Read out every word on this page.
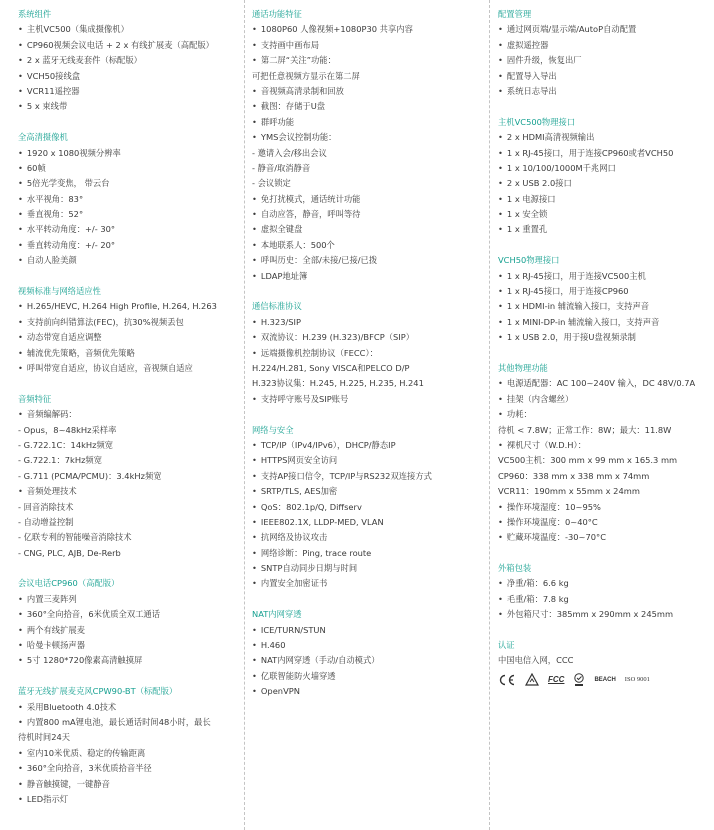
系统组件
• 主机VC500（集成摄像机）
• CP960视频会议电话 + 2 x 有线扩展麦（高配版）
• 2 x 蓝牙无线麦套件（标配版）
• VCH50接线盒
• VCR11遥控器
• 5 x 束线带
全高清摄像机
• 1920 x 1080视频分辨率
• 60帧
• 5倍光学变焦， 带云台
• 水平视角：83°
• 垂直视角：52°
• 水平转动角度：+/- 30°
• 垂直转动角度：+/- 20°
• 自动人脸美颜
视频标准与网络适应性
• H.265/HEVC, H.264 High Profile, H.264, H.263
• 支持前向纠错算法(FEC)，抗30%视频丢包
• 动态带宽自适应调整
• 辅流优先策略，音频优先策略
• 呼叫带宽自适应，协议自适应，音视频自适应
音频特征
• 音频编解码：
- Opus，8~48kHz采样率
- G.722.1C：14kHz频宽
- G.722.1：7kHz频宽
- G.711 (PCMA/PCMU)：3.4kHz频宽
• 音频处理技术
- 回音消除技术
- 自动增益控制
- 亿联专利的智能噪音消除技术
- CNG, PLC, AJB, De-Rerb
会议电话CP960（高配版）
• 内置三麦阵列
• 360°全向拾音，6米优质全双工通话
• 两个有线扩展麦
• 哈曼卡顿扬声器
• 5寸 1280*720像素高清触摸屏
蓝牙无线扩展麦克风CPW90-BT（标配版）
• 采用Bluetooth 4.0技术
• 内置800 mA锂电池，最长通话时间48小时，最长
待机时间24天
• 室内10米优质、稳定的传输距离
• 360°全向拾音，3米优质拾音半径
• 静音触摸键，一键静音
• LED指示灯
通话功能特征
• 1080P60 人像视频+1080P30 共享内容
• 支持画中画布局
• 第二屏“关注”功能：
可把任意视频方显示在第二屏
• 音视频高清录制和回放
• 截图：存储于U盘
• 群呼功能
• YMS会议控制功能：
- 邀请入会/移出会议
- 静音/取消静音
- 会议锁定
• 免打扰模式，通话统计功能
• 自动应答，静音，呼叫等待
• 虚拟全键盘
• 本地联系人：500个
• 呼叫历史：全部/未接/已接/已拨
• LDAP地址簿
通信标准协议
• H.323/SIP
• 双流协议：H.239 (H.323)/BFCP（SIP）
• 远端摄像机控制协议（FECC）：
H.224/H.281, Sony VISCA和PELCO D/P
H.323协议集：H.245, H.225, H.235, H.241
• 支持呼守账号及SIP账号
网络与安全
• TCP/IP（IPv4/IPv6），DHCP/静态IP
• HTTPS网页安全访问
• 支持AP接口信令，TCP/IP与RS232双连接方式
• SRTP/TLS, AES加密
• QoS：802.1p/Q, Diffserv
• IEEE802.1X, LLDP-MED, VLAN
• 抗网络及协议攻击
• 网络诊断：Ping, trace route
• SNTP自动同步日期与时间
• 内置安全加密证书
NAT内网穿透
• ICE/TURN/STUN
• H.460
• NAT内网穿透（手动/自动模式）
• 亿联智能防火墙穿透
• OpenVPN
配置管理
• 通过网页端/显示端/AutoP自动配置
• 虚拟遥控器
• 固件升级，恢复出厂
• 配置导入导出
• 系统日志导出
主机VC500物理接口
• 2 x HDMI高清视频输出
• 1 x RJ-45接口，用于连接CP960或者VCH50
• 1 x 10/100/1000M千兆网口
• 2 x USB 2.0接口
• 1 x 电源接口
• 1 x 安全锁
• 1 x 重置孔
VCH50物理接口
• 1 x RJ-45接口，用于连接VC500主机
• 1 x RJ-45接口，用于连接CP960
• 1 x HDMI-in 辅流输入接口，支持声音
• 1 x MINI-DP-in 辅流输入接口，支持声音
• 1 x USB 2.0，用于接U盘视频录制
其他物理功能
• 电源适配器：AC 100~240V 输入，DC 48V/0.7A
• 挂架（内含螺丝）
• 功耗：
待机 < 7.8W；正常工作：8W；最大：11.8W
• 裸机尺寸（W.D.H）：
VC500主机：300 mm x 99 mm x 165.3 mm
CP960：338 mm x 338 mm x 74mm
VCR11：190mm x 55mm x 24mm
• 操作环境湿度：10~95%
• 操作环境温度：0~40°C
• 贮藏环境温度：-30~70°C
外箱包装
• 净重/箱：6.6 kg
• 毛重/箱：7.8 kg
• 外包箱尺寸：385mm x 290mm x 245mm
认证
中国电信入网，CCC
FCC	BEACH ISO 9001
